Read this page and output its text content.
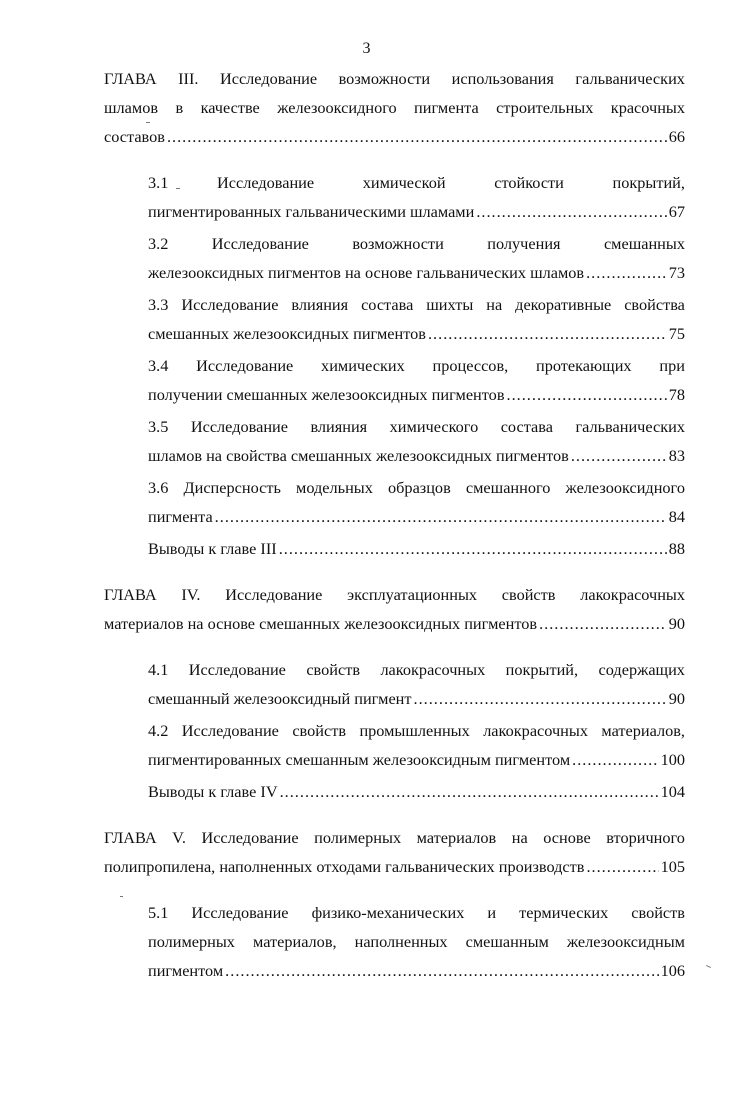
3
ГЛАВА III. Исследование возможности использования гальванических
шламов в качестве железооксидного пигмента строительных красочных
составов .....	66
3.1	Исследование	химической	стойкости	покрытий,
пигментированных гальваническими шламами .....	67
3.2	Исследование	возможности	получения	смешанных
железооксидных пигментов на основе гальванических шламов .....	73
3.3 Исследование влияния состава шихты на декоративные свойства
смешанных железооксидных пигментов .....	75
3.4 Исследование химических процессов, протекающих при
получении смешанных железооксидных пигментов .....	78
3.5 Исследование влияния химического состава гальванических
шламов на свойства смешанных железооксидных пигментов .....	83
3.6 Дисперсность модельных образцов смешанного железооксидного
пигмента .....	84
Выводы к главе III .....	88
ГЛАВА IV. Исследование эксплуатационных свойств лакокрасочных
материалов на основе смешанных железооксидных пигментов .....	90
4.1 Исследование свойств лакокрасочных покрытий, содержащих
смешанный железооксидный пигмент .....	90
4.2 Исследование свойств промышленных лакокрасочных материалов,
пигментированных смешанным железооксидным пигментом .....	100
Выводы к главе IV .....	104
ГЛАВА V. Исследование полимерных материалов на основе вторичного
полипропилена, наполненных отходами гальванических производств .....	105
5.1 Исследование физико-механических и термических свойств
полимерных материалов, наполненных смешанным железооксидным
пигментом .....	106
